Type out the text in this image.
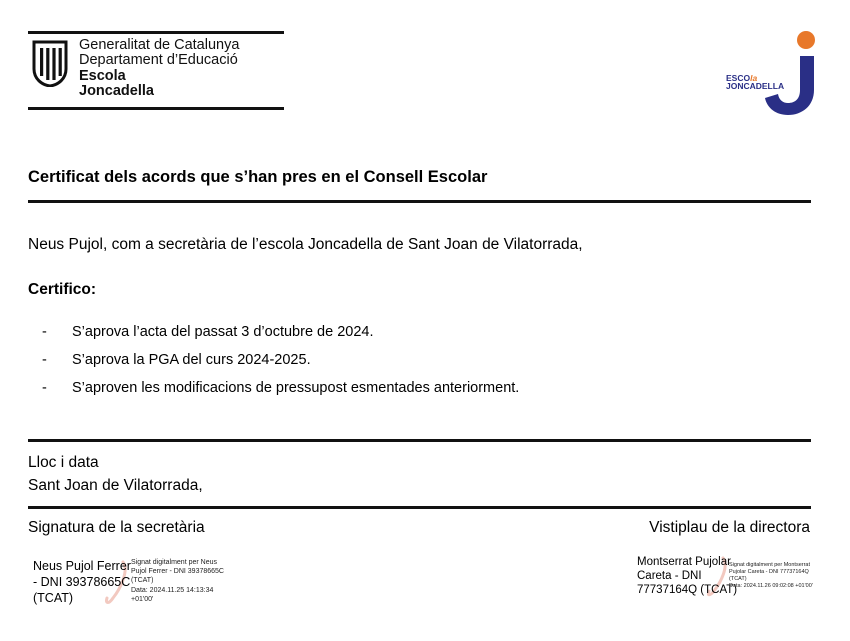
Generalitat de Catalunya
Departament d’Educació
Escola
Joncadella
ESCOla
JONCADELLA
Certificat dels acords que s’han pres en el Consell Escolar
Neus Pujol, com a secretària de l’escola Joncadella de Sant Joan de Vilatorrada,
Certifico:
- S’aprova l’acta del passat 3 d’octubre de 2024.
- S’aprova la PGA del curs 2024-2025.
- S’aproven les modificacions de pressupost esmentades anteriorment.
Lloc i data
Sant Joan de Vilatorrada,
Signatura de la secretària	Vistiplau de la directora
Neus Pujol Ferrer
- DNI 39378665C
(TCAT)
Signat digitalment per Neus
Pujol Ferrer - DNI 39378665C
(TCAT)
Data: 2024.11.25 14:13:34
+01'00'
Montserrat Pujolar
Careta - DNI
77737164Q (TCAT)
Signat digitalment per Montserrat
Pujolar Careta - DNI 77737164Q
(TCAT)
Data: 2024.11.26 09:02:08 +01'00'
